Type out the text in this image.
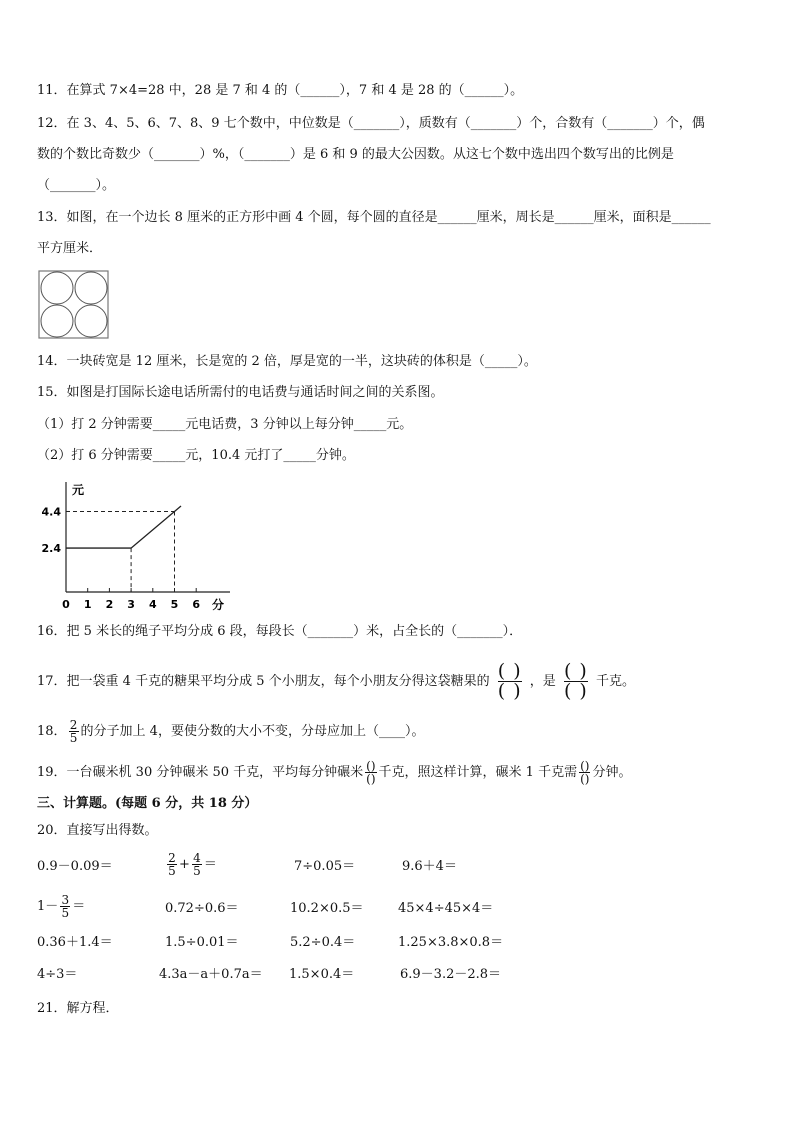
11．在算式 7×4=28 中，28 是 7 和 4 的（______），7 和 4 是 28 的（______）。
12．在 3、4、5、6、7、8、9 七个数中，中位数是（_______），质数有（_______）个，合数有（_______）个，偶
数的个数比奇数少（_______）%，（_______）是 6 和 9 的最大公因数。从这七个数中选出四个数写出的比例是
（_______）。
13．如图，在一个边长 8 厘米的正方形中画 4 个圆，每个圆的直径是______厘米，周长是______厘米，面积是______
平方厘米．
14．一块砖宽是 12 厘米，长是宽的 2 倍，厚是宽的一半，这块砖的体积是（_____）。
15．如图是打国际长途电话所需付的电话费与通话时间之间的关系图。
（1）打 2 分钟需要_____元电话费，3 分钟以上每分钟_____元。
（2）打 6 分钟需要_____元，10.4 元打了_____分钟。
元
分
0 1 2 3 4 5 6
2.4
4.4
16．把 5 米长的绳子平均分成 6 段，每段长（_______）米，占全长的（_______）．
17．把一袋重 4 千克的糖果平均分成 5 个小朋友，每个小朋友分得这袋糖果的 $\frac{( )}{( )}$ ，是 $\frac{( )}{( )}$ 千克。
18． $\frac{2}{5}$ 的分子加上 4，要使分数的大小不变，分母应加上（____）。
19．一台碾米机 30 分钟碾米 50 千克，平均每分钟碾米 $\frac{()}{()}$ 千克，照这样计算，碾米 1 千克需 $\frac{()}{()}$ 分钟。
三、计算题。(每题 6 分，共 18 分）
20．直接写出得数。
0.9－0.09＝	$\frac{2}{5} + \frac{4}{5}$ ＝	7÷0.05＝	9.6＋4＝
$1- \frac{3}{5}$ ＝	0.72÷0.6＝	10.2×0.5＝	45×4÷45×4＝
0.36＋1.4＝	1.5÷0.01＝	5.2÷0.4＝	1.25×3.8×0.8＝
4÷3＝	4.3a－a＋0.7a＝ 1.5×0.4＝	6.9－3.2－2.8＝
21．解方程．
